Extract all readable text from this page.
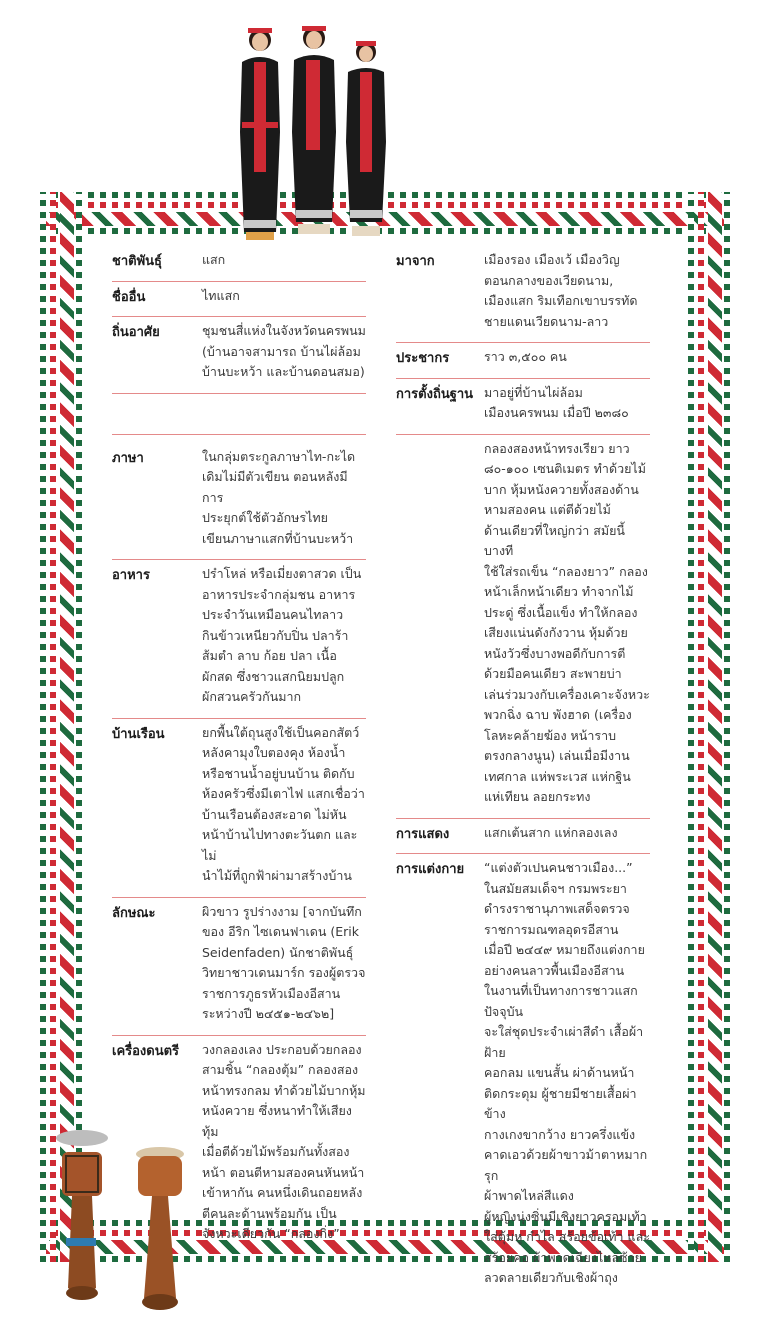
ชาติพันธุ์	แสก
ชื่ออื่น	ไทแสก
ถิ่นอาศัย	ชุมชนสี่แห่งในจังหวัดนครพนม
(บ้านอาจสามารถ บ้านไผ่ล้อม
บ้านบะหว้า และบ้านดอนสมอ)
ภาษา	ในกลุ่มตระกูลภาษาไท-กะได
เดิมไม่มีตัวเขียน ตอนหลังมีการ
ประยุกต์ใช้ตัวอักษรไทย
เขียนภาษาแสกที่บ้านบะหว้า
อาหาร	ปร๋าโหล่ หรือเมี่ยงตาสวด เป็น
อาหารประจำกลุ่มชน อาหาร
ประจำวันเหมือนคนไทลาว
กินข้าวเหนียวกับปิ่น ปลาร้า
ส้มตำ ลาบ ก้อย ปลา เนื้อ
ผักสด ซึ่งชาวแสกนิยมปลูก
ผักสวนครัวกันมาก
บ้านเรือน	ยกพื้นใต้ถุนสูงใช้เป็นคอกสัตว์
หลังคามุงใบตองคุง ห้องน้ำ
หรือชานน้ำอยู่บนบ้าน ติดกับ
ห้องครัวซึ่งมีเตาไฟ แสกเชื่อว่า
บ้านเรือนต้องสะอาด ไม่หัน
หน้าบ้านไปทางตะวันตก และไม่
นำไม้ที่ถูกฟ้าผ่ามาสร้างบ้าน
ลักษณะ	ผิวขาว รูปร่างงาม [จากบันทึก
ของ อีริก ไซเดนฟาเดน (Erik
Seidenfaden) นักชาติพันธุ์
วิทยาชาวเดนมาร์ก รองผู้ตรวจ
ราชการภูธรหัวเมืองอีสาน
ระหว่างปี ๒๔๕๑-๒๔๖๒]
เครื่องดนตรี วงกลองเลง ประกอบด้วยกลอง
สามชิ้น “กลองตุ้ม” กลองสอง
หน้าทรงกลม ทำด้วยไม้บากหุ้ม
หนังควาย ซึ่งหนาทำให้เสียงทุ้ม
เมื่อตีด้วยไม้พร้อมกันทั้งสอง
หน้า ตอนตีหามสองคนหันหน้า
เข้าหากัน คนหนึ่งเดินถอยหลัง
ตีคนละด้านพร้อมกัน เป็น
จังหวะเดียวกัน “กลองกิ่ง”
มาจาก	เมืองรอง เมืองเว้ เมืองวิญ
ตอนกลางของเวียดนาม,
เมืองแสก ริมเทือกเขาบรรทัด
ชายแดนเวียดนาม-ลาว
ประชากร	ราว ๓,๕๐๐ คน
การตั้งถิ่นฐาน มาอยู่ที่บ้านไผ่ล้อม
เมืองนครพนม เมื่อปี ๒๓๘๐
กลองสองหน้าทรงเรียว ยาว
๘๐-๑๐๐ เซนติเมตร ทำด้วยไม้
บาก หุ้มหนังควายทั้งสองด้าน
หามสองคน แต่ตีด้วยไม้
ด้านเดียวที่ใหญ่กว่า สมัยนี้บางที
ใช้ใส่รถเข็น “กลองยาว” กลอง
หน้าเล็กหน้าเดียว ทำจากไม้
ประดู่ ซึ่งเนื้อแข็ง ทำให้กลอง
เสียงแน่นดังกังวาน หุ้มด้วย
หนังวัวซึ่งบางพอดีกับการตี
ด้วยมือคนเดียว สะพายบ่า
เล่นร่วมวงกับเครื่องเคาะจังหวะ
พวกฉิ่ง ฉาบ พังฮาด (เครื่อง
โลหะคล้ายฆ้อง หน้าราบ
ตรงกลางนูน) เล่นเมื่อมีงาน
เทศกาล แห่พระเวส แห่กฐิน
แห่เทียน ลอยกระทง
การแสดง	แสกเต้นสาก แห่กลองเลง
การแต่งกาย “แต่งตัวเปนคนชาวเมือง...”
ในสมัยสมเด็จฯ กรมพระยา
ดำรงราชานุภาพเสด็จตรวจ
ราชการมณฑลอุดรอีสาน
เมื่อปี ๒๔๔๙ หมายถึงแต่งกาย
อย่างคนลาวพื้นเมืองอีสาน
ในงานที่เป็นทางการชาวแสกปัจจุบัน
จะใส่ชุดประจำเผ่าสีดำ เสื้อผ้าฝ้าย
คอกลม แขนสั้น ผ่าด้านหน้า
ติดกระดุม ผู้ชายมีชายเสื้อผ่าข้าง
กางเกงขากว้าง ยาวครึ่งแข้ง
คาดเอวด้วยผ้าขาวม้าตาหมากรุก
ผ้าพาดไหล่สีแดง
ผู้หญิงนุ่งซิ่นมีเชิงยาวครอมเท้า
ใส่ตุ้มหู กำไล สร้อยข้อเท้า และ
สร้อยคอ ผ้าพาดเฉียงไหล่ซ้าย
ลวดลายเดียวกับเชิงผ้าถุง
